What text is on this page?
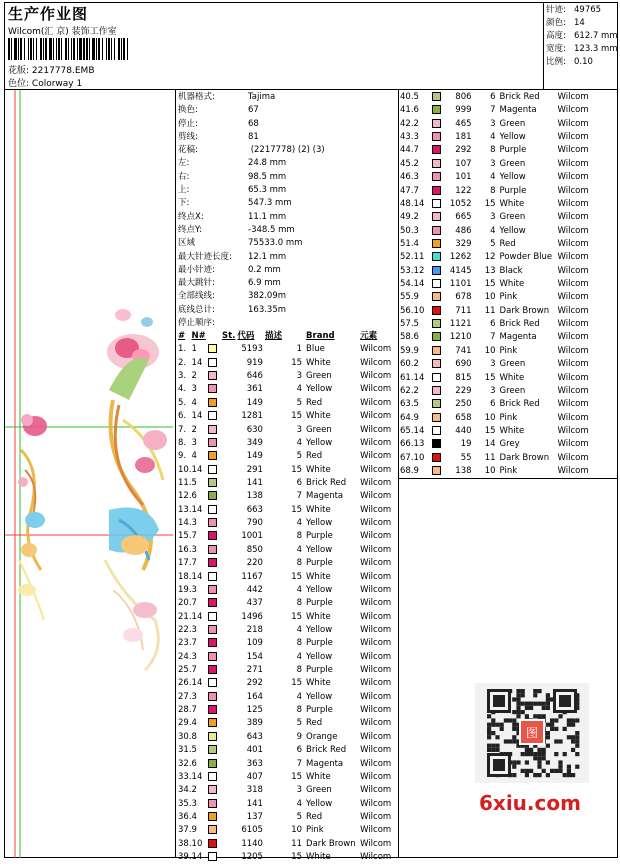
生产作业图
Wilcom(汇 京) 装饰工作室
花版: 2217778.EMB
色位: Colorway 1
针迹: 49765
颜色: 14
高度: 612.7 mm
宽度: 123.3 mm
比例: 0.10
机器格式:	Tajima
换色:	67
停止:	68
剪线:	81
花稿:	(2217778) (2) (3)
左:	24.8 mm
右:	98.5 mm
上:	65.3 mm
下:	547.3 mm
终点X:	11.1 mm
终点Y:	-348.5 mm
区域	75533.0 mm
最大针迹长度: 12.1 mm
最小针迹:	0.2 mm
最大跳针:	6.9 mm
全部线线:	382.09m
底线总计:	163.35m
停止顺序:
#	N#	St.	代码	描述	Brand	元素
1.	1		5193	1	Blue	Wilcom
2.	14		919	15	White	Wilcom
3.	2		646	3	Green	Wilcom
4.	3		361	4	Yellow	Wilcom
5.	4		149	5	Red	Wilcom
6.	14		1281	15	White	Wilcom
7.	2		630	3	Green	Wilcom
8.	3		349	4	Yellow	Wilcom
9.	4		149	5	Red	Wilcom
10.	14		291	15	White	Wilcom
11.	5		141	6	Brick Red	Wilcom
12.	6		138	7	Magenta	Wilcom
13.	14		663	15	White	Wilcom
14.	3		790	4	Yellow	Wilcom
15.	7		1001	8	Purple	Wilcom
16.	3		850	4	Yellow	Wilcom
17.	7		220	8	Purple	Wilcom
18.	14		1167	15	White	Wilcom
19.	3		442	4	Yellow	Wilcom
20.	7		437	8	Purple	Wilcom
21.	14		1496	15	White	Wilcom
22.	3		218	4	Yellow	Wilcom
23.	7		109	8	Purple	Wilcom
24.	3		154	4	Yellow	Wilcom
25.	7		271	8	Purple	Wilcom
26.	14		292	15	White	Wilcom
27.	3		164	4	Yellow	Wilcom
28.	7		125	8	Purple	Wilcom
29.	4		389	5	Red	Wilcom
30.	8		643	9	Orange	Wilcom
31.	5		401	6	Brick Red	Wilcom
32.	6		363	7	Magenta	Wilcom
33.	14		407	15	White	Wilcom
34.	2		318	3	Green	Wilcom
35.	3		141	4	Yellow	Wilcom
36.	4		137	5	Red	Wilcom
37.	9		6105	10	Pink	Wilcom
38.	10		1140	11	Dark Brown	Wilcom
39.	14		1205	15	White	Wilcom
40.	5		806	6	Brick Red	Wilcom
41.	6		999	7	Magenta	Wilcom
42.	2		465	3	Green	Wilcom
43.	3		181	4	Yellow	Wilcom
44.	7		292	8	Purple	Wilcom
45.	2		107	3	Green	Wilcom
46.	3		101	4	Yellow	Wilcom
47.	7		122	8	Purple	Wilcom
48.	14		1052	15	White	Wilcom
49.	2		665	3	Green	Wilcom
50.	3		486	4	Yellow	Wilcom
51.	4		329	5	Red	Wilcom
52.	11		1262	12	Powder Blue	Wilcom
53.	12		4145	13	Black	Wilcom
54.	14		1101	15	White	Wilcom
55.	9		678	10	Pink	Wilcom
56.	10		711	11	Dark Brown	Wilcom
57.	5		1121	6	Brick Red	Wilcom
58.	6		1210	7	Magenta	Wilcom
59.	9		741	10	Pink	Wilcom
60.	2		690	3	Green	Wilcom
61.	14		815	15	White	Wilcom
62.	2		229	3	Green	Wilcom
63.	5		250	6	Brick Red	Wilcom
64.	9		658	10	Pink	Wilcom
65.	14		440	15	White	Wilcom
66.	13		19	14	Grey	Wilcom
67.	10		55	11	Dark Brown	Wilcom
68.	9		138	10	Pink	Wilcom
图
6xiu.com
